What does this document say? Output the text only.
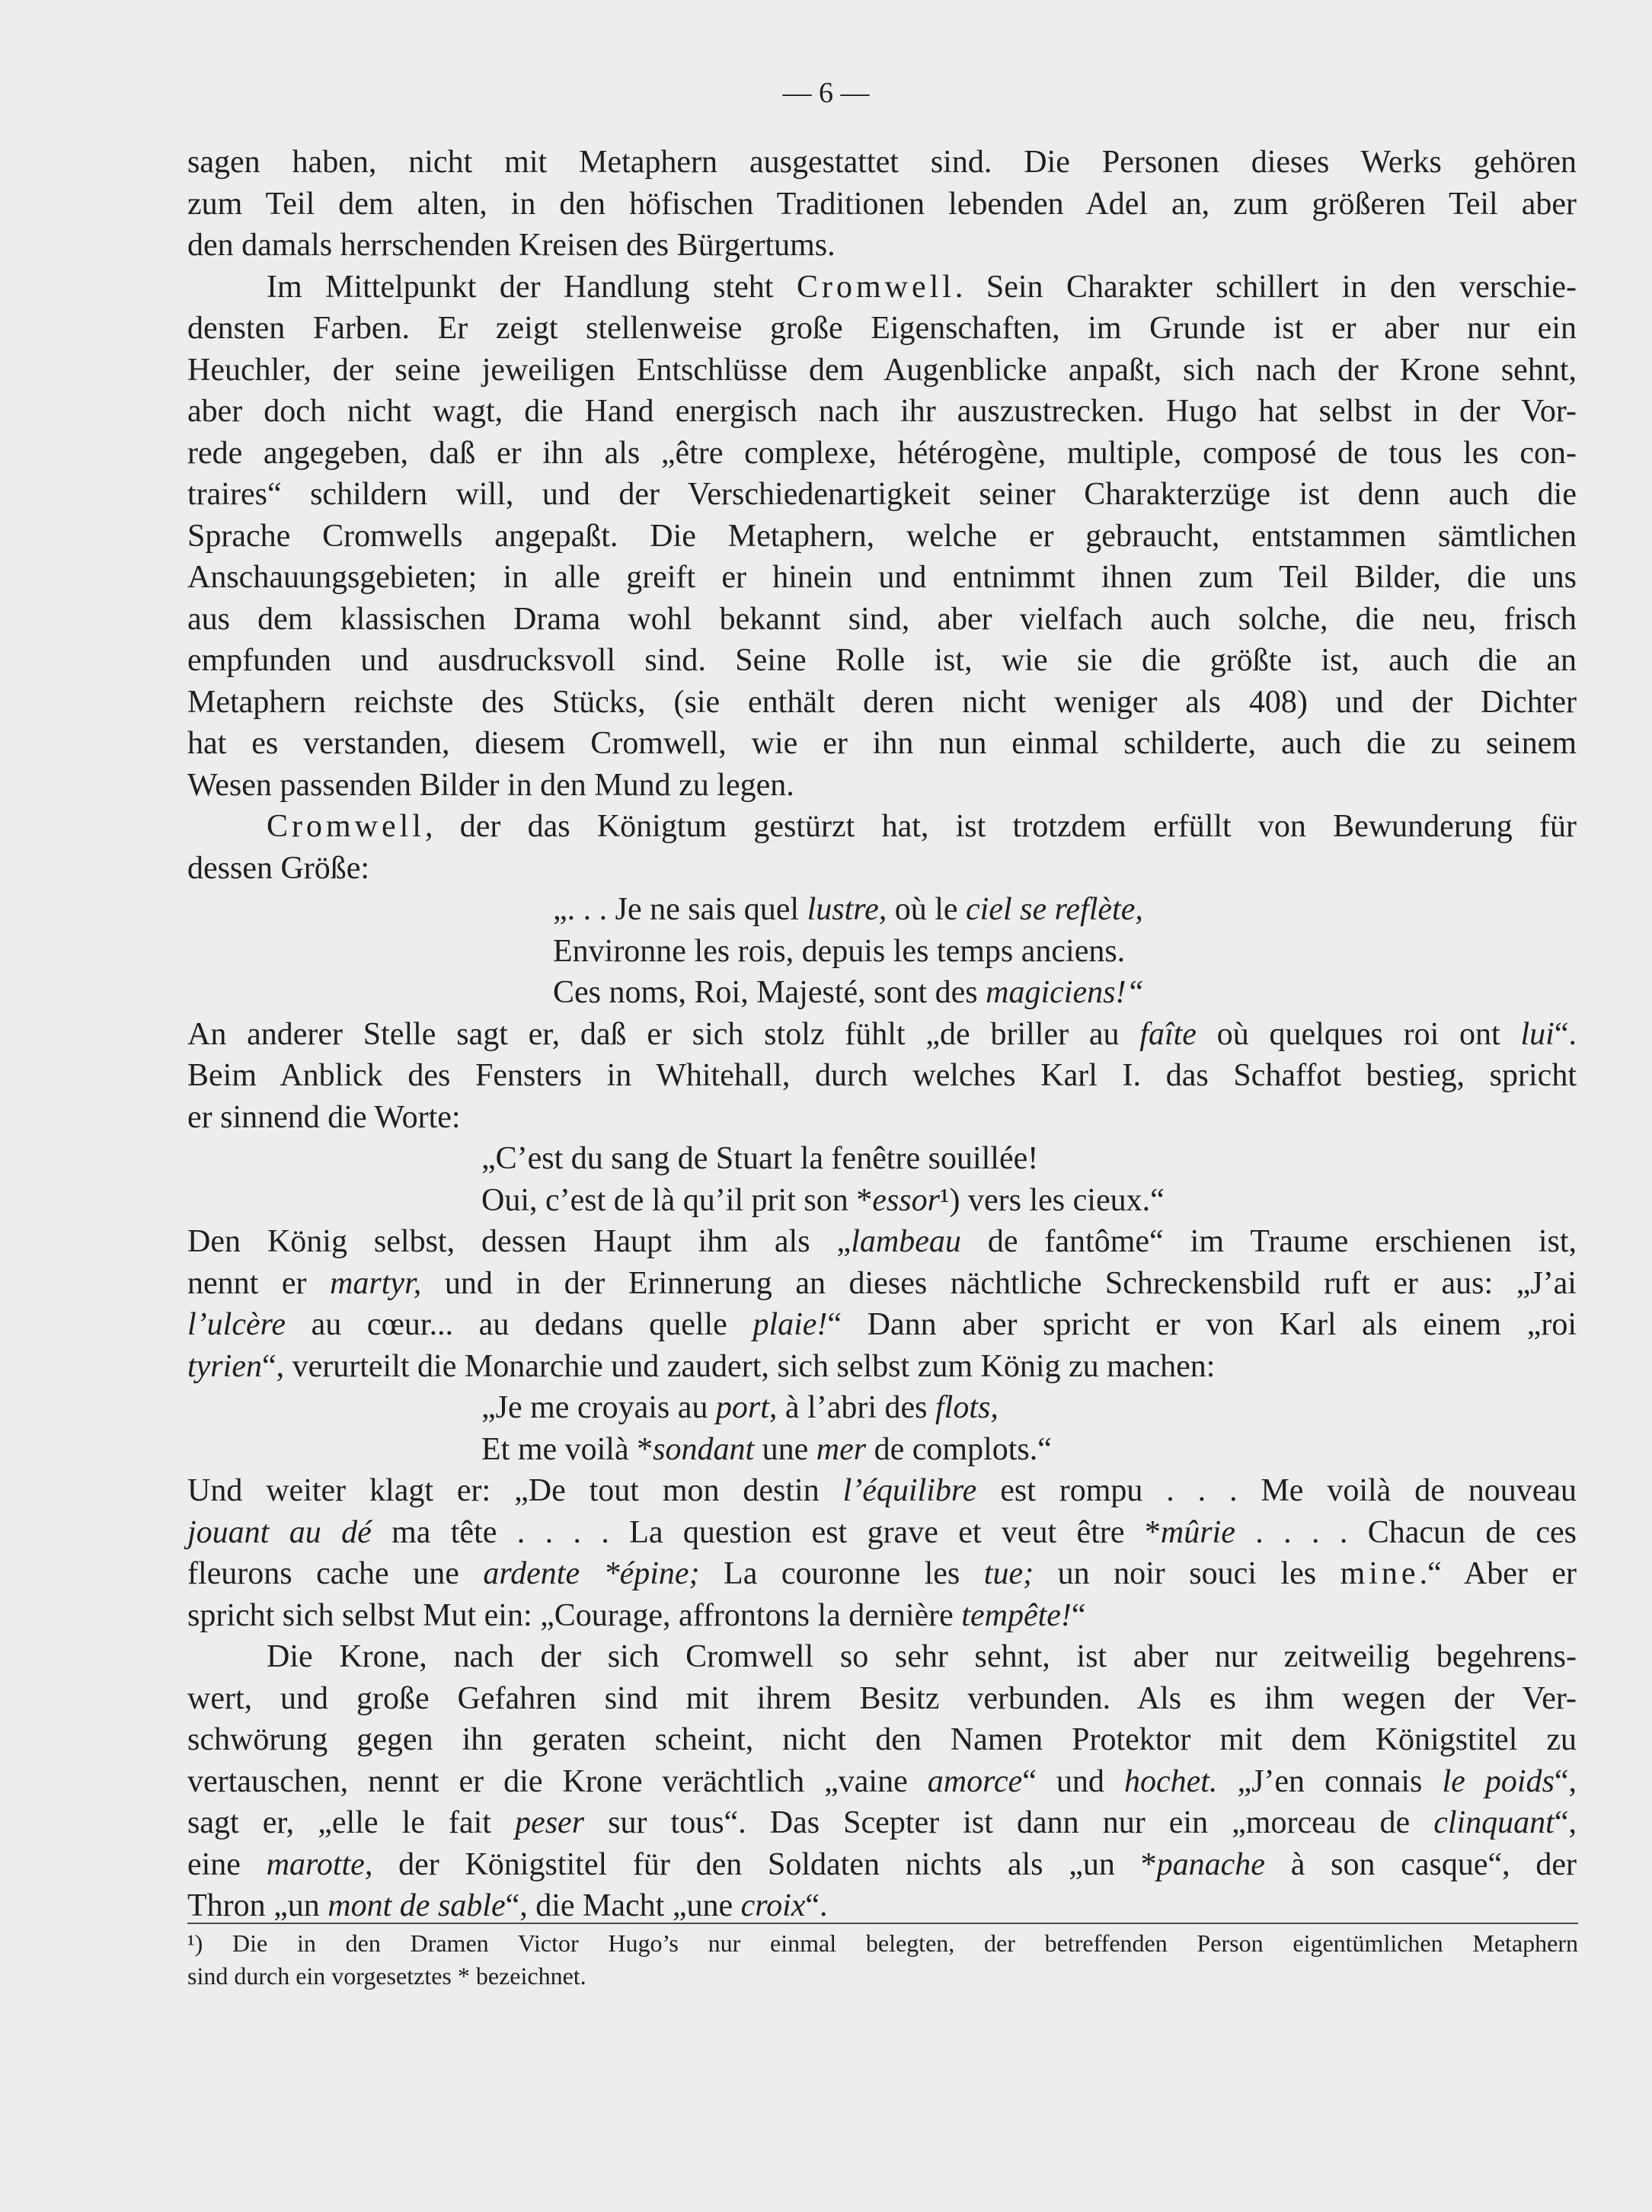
— 6 —
sagen haben, nicht mit Metaphern ausgestattet sind. Die Personen dieses Werks gehören
zum Teil dem alten, in den höfischen Traditionen lebenden Adel an, zum größeren Teil aber
den damals herrschenden Kreisen des Bürgertums.
Im Mittelpunkt der Handlung steht Cromwell. Sein Charakter schillert in den verschie-
densten Farben. Er zeigt stellenweise große Eigenschaften, im Grunde ist er aber nur ein
Heuchler, der seine jeweiligen Entschlüsse dem Augenblicke anpaßt, sich nach der Krone sehnt,
aber doch nicht wagt, die Hand energisch nach ihr auszustrecken. Hugo hat selbst in der Vor-
rede angegeben, daß er ihn als „être complexe, hétérogène, multiple, composé de tous les con-
traires“ schildern will, und der Verschiedenartigkeit seiner Charakterzüge ist denn auch die
Sprache Cromwells angepaßt. Die Metaphern, welche er gebraucht, entstammen sämtlichen
Anschauungsgebieten; in alle greift er hinein und entnimmt ihnen zum Teil Bilder, die uns
aus dem klassischen Drama wohl bekannt sind, aber vielfach auch solche, die neu, frisch
empfunden und ausdrucksvoll sind. Seine Rolle ist, wie sie die größte ist, auch die an
Metaphern reichste des Stücks, (sie enthält deren nicht weniger als 408) und der Dichter
hat es verstanden, diesem Cromwell, wie er ihn nun einmal schilderte, auch die zu seinem
Wesen passenden Bilder in den Mund zu legen.
Cromwell, der das Königtum gestürzt hat, ist trotzdem erfüllt von Bewunderung für
dessen Größe:
„. . . Je ne sais quel lustre, où le ciel se reflète,
Environne les rois, depuis les temps anciens.
Ces noms, Roi, Majesté, sont des magiciens!“
An anderer Stelle sagt er, daß er sich stolz fühlt „de briller au faîte où quelques roi ont lui“.
Beim Anblick des Fensters in Whitehall, durch welches Karl I. das Schaffot bestieg, spricht
er sinnend die Worte:
„C’est du sang de Stuart la fenêtre souillée!
Oui, c’est de là qu’il prit son *essor¹) vers les cieux.“
Den König selbst, dessen Haupt ihm als „lambeau de fantôme“ im Traume erschienen ist,
nennt er martyr, und in der Erinnerung an dieses nächtliche Schreckensbild ruft er aus: „J’ai
l’ulcère au cœur... au dedans quelle plaie!“ Dann aber spricht er von Karl als einem „roi
tyrien“, verurteilt die Monarchie und zaudert, sich selbst zum König zu machen:
„Je me croyais au port, à l’abri des flots,
Et me voilà *sondant une mer de complots.“
Und weiter klagt er: „De tout mon destin l’équilibre est rompu . . . Me voilà de nouveau
jouant au dé ma tête . . . . La question est grave et veut être *mûrie . . . . Chacun de ces
fleurons cache une ardente *épine; La couronne les tue; un noir souci les mine.“ Aber er
spricht sich selbst Mut ein: „Courage, affrontons la dernière tempête!“
Die Krone, nach der sich Cromwell so sehr sehnt, ist aber nur zeitweilig begehrens-
wert, und große Gefahren sind mit ihrem Besitz verbunden. Als es ihm wegen der Ver-
schwörung gegen ihn geraten scheint, nicht den Namen Protektor mit dem Königstitel zu
vertauschen, nennt er die Krone verächtlich „vaine amorce“ und hochet. „J’en connais le poids“,
sagt er, „elle le fait peser sur tous“. Das Scepter ist dann nur ein „morceau de clinquant“,
eine marotte, der Königstitel für den Soldaten nichts als „un *panache à son casque“, der
Thron „un mont de sable“, die Macht „une croix“.
¹) Die in den Dramen Victor Hugo’s nur einmal belegten, der betreffenden Person eigentümlichen Metaphern
sind durch ein vorgesetztes * bezeichnet.
